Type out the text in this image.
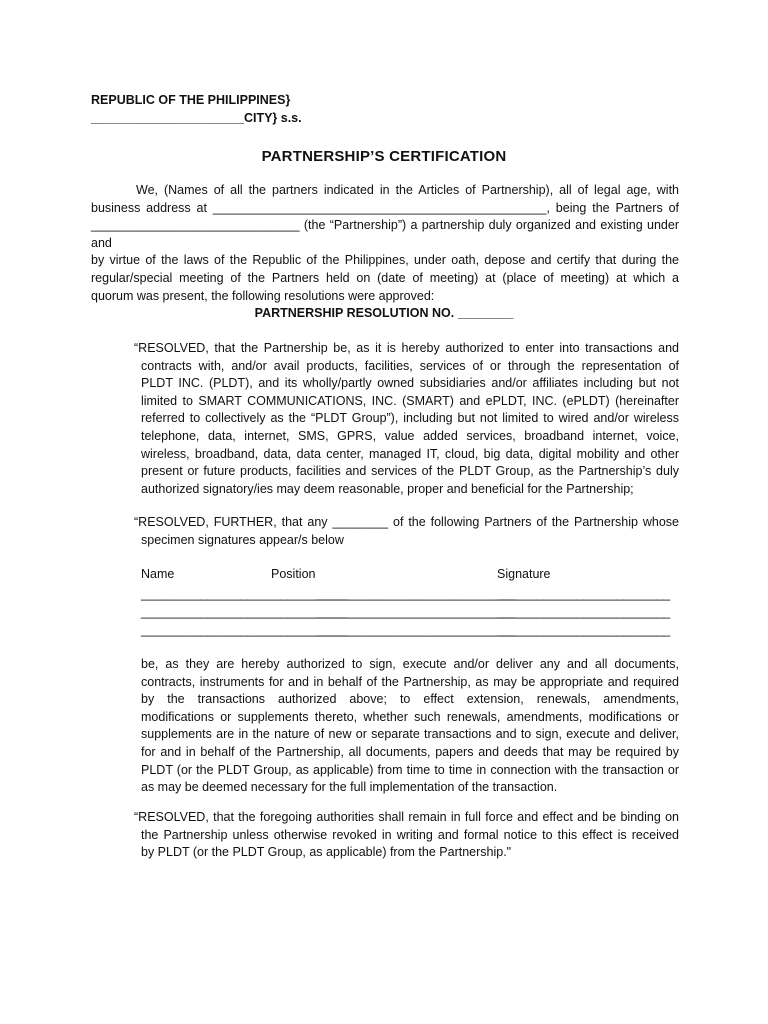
REPUBLIC OF THE PHILIPPINES}
______________________CITY} s.s.
PARTNERSHIP’S CERTIFICATION
We, (Names of all the partners indicated in the Articles of Partnership), all of legal age, with
business address at ________________________________________________, being the Partners of
______________________________ (the “Partnership”) a partnership duly organized and existing under and
by virtue of the laws of the Republic of the Philippines, under oath, depose and certify that during the
regular/special meeting of the Partners held on (date of meeting) at (place of meeting) at which a
quorum was present, the following resolutions were approved:
PARTNERSHIP RESOLUTION NO. ________
“RESOLVED, that the Partnership be, as it is hereby authorized to enter into transactions and
contracts with, and/or avail products, facilities, services of or through the representation of
PLDT INC. (PLDT), and its wholly/partly owned subsidiaries and/or affiliates including but not
limited to SMART COMMUNICATIONS, INC. (SMART) and ePLDT, INC. (ePLDT) (hereinafter
referred to collectively as the “PLDT Group”), including but not limited to wired and/or wireless
telephone, data, internet, SMS, GPRS, value added services, broadband internet, voice,
wireless, broadband, data, data center, managed IT, cloud, big data, digital mobility and other
present or future products, facilities and services of the PLDT Group, as the Partnership’s duly
authorized signatory/ies may deem reasonable, proper and beneficial for the Partnership;
“RESOLVED, FURTHER, that any ________ of the following Partners of the Partnership whose
specimen signatures appear/s below
Name	Position	Signature
_______________________________
______________________________
__________________________
_______________________________
______________________________
__________________________
_______________________________
______________________________
__________________________
be, as they are hereby authorized to sign, execute and/or deliver any and all documents,
contracts, instruments for and in behalf of the Partnership, as may be appropriate and required
by the transactions authorized above; to effect extension, renewals, amendments,
modifications or supplements thereto, whether such renewals, amendments, modifications or
supplements are in the nature of new or separate transactions and to sign, execute and deliver,
for and in behalf of the Partnership, all documents, papers and deeds that may be required by
PLDT (or the PLDT Group, as applicable) from time to time in connection with the transaction or
as may be deemed necessary for the full implementation of the transaction.
“RESOLVED, that the foregoing authorities shall remain in full force and effect and be binding on
the Partnership unless otherwise revoked in writing and formal notice to this effect is received
by PLDT (or the PLDT Group, as applicable) from the Partnership."
